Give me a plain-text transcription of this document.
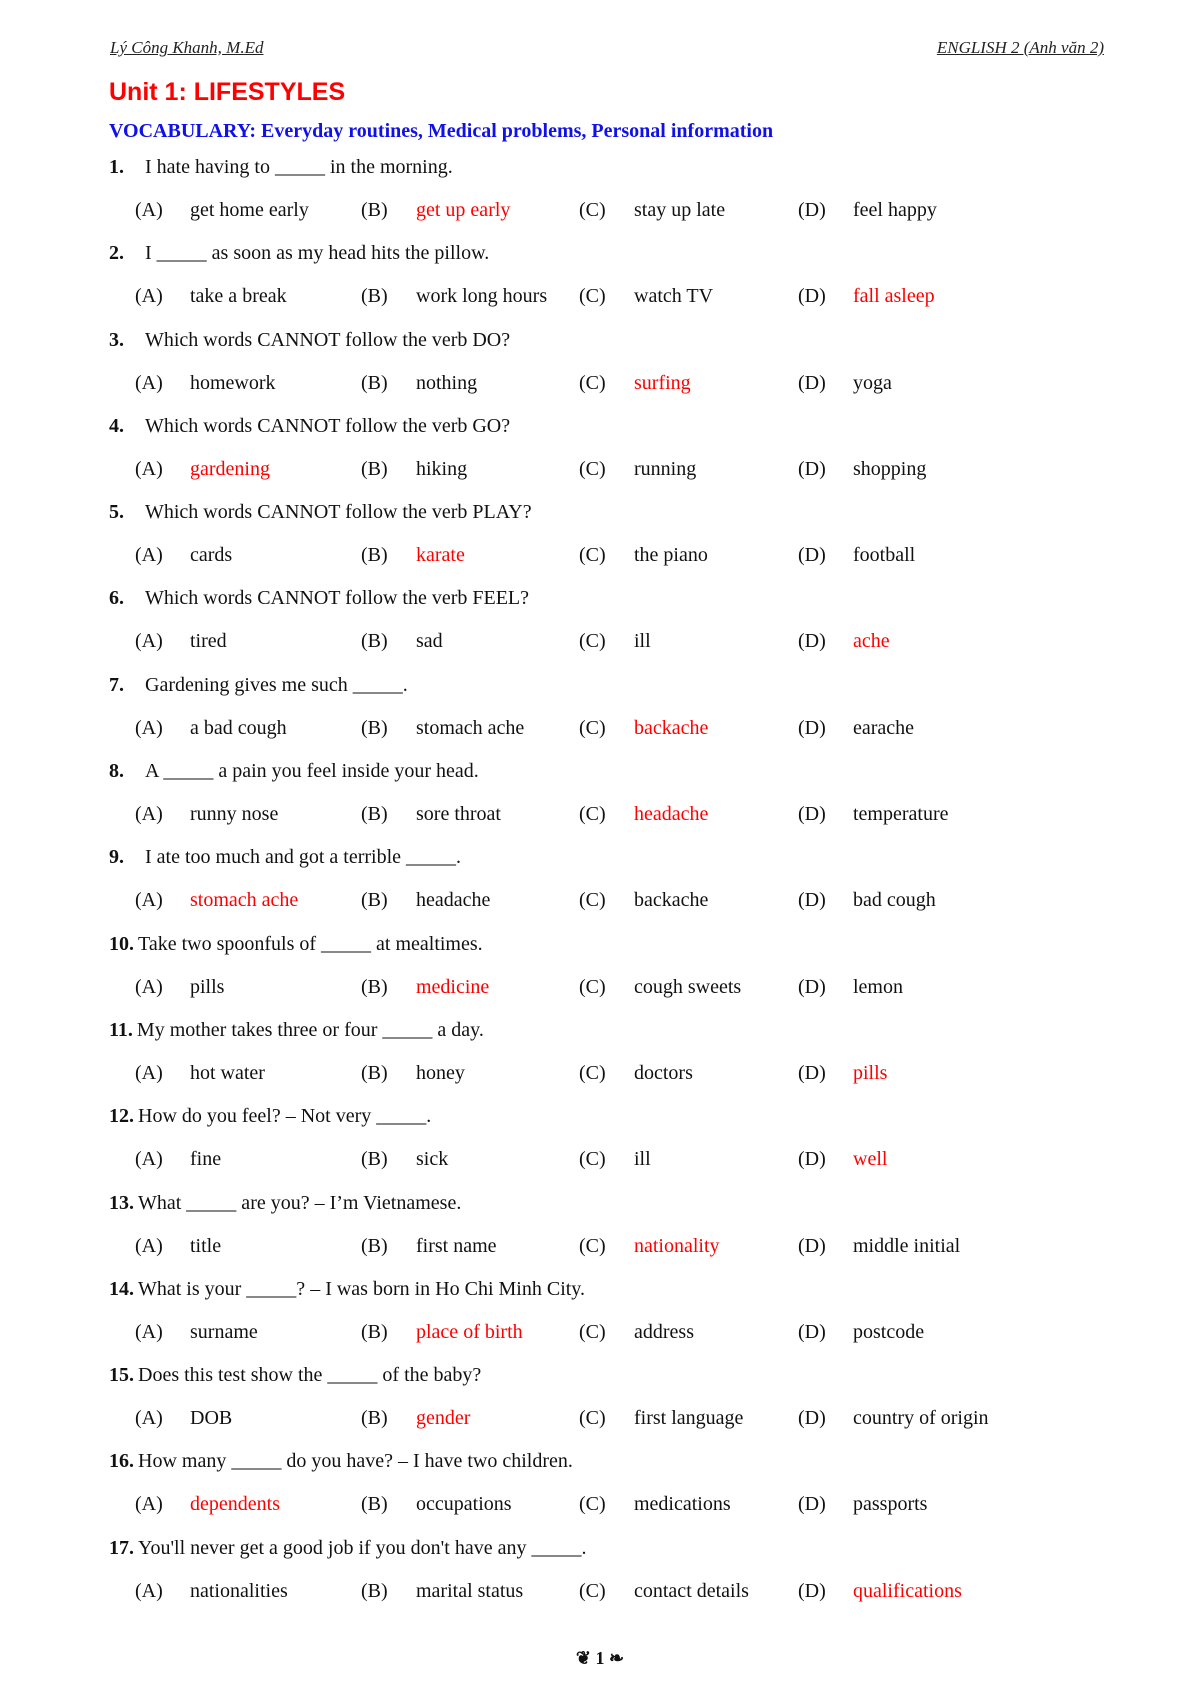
Lý Công Khanh, M.Ed	ENGLISH 2 (Anh văn 2)
Unit 1: LIFESTYLES
VOCABULARY: Everyday routines, Medical problems, Personal information
1. I hate having to _____ in the morning.
(A) get home early	(B) get up early	(C) stay up late	(D) feel happy
2. I _____ as soon as my head hits the pillow.
(A) take a break	(B) work long hours (C) watch TV	(D) fall asleep
3. Which words CANNOT follow the verb DO?
(A) homework	(B) nothing	(C) surfing	(D) yoga
4. Which words CANNOT follow the verb GO?
(A) gardening	(B) hiking	(C) running	(D) shopping
5. Which words CANNOT follow the verb PLAY?
(A) cards	(B) karate	(C) the piano	(D) football
6. Which words CANNOT follow the verb FEEL?
(A) tired	(B) sad	(C) ill	(D) ache
7. Gardening gives me such _____.
(A) a bad cough	(B) stomach ache	(C) backache	(D) earache
8. A _____ a pain you feel inside your head.
(A) runny nose	(B) sore throat	(C) headache	(D) temperature
9. I ate too much and got a terrible _____.
(A) stomach ache	(B) headache	(C) backache	(D) bad cough
10. Take two spoonfuls of _____ at mealtimes.
(A) pills	(B) medicine	(C) cough sweets	(D) lemon
11. My mother takes three or four _____ a day.
(A) hot water	(B) honey	(C) doctors	(D) pills
12. How do you feel? – Not very _____.
(A) fine	(B) sick	(C) ill	(D) well
13. What _____ are you? – I’m Vietnamese.
(A) title	(B) first name	(C) nationality	(D) middle initial
14. What is your _____? – I was born in Ho Chi Minh City.
(A) surname	(B) place of birth	(C) address	(D) postcode
15. Does this test show the _____ of the baby?
(A) DOB	(B) gender	(C) first language	(D) country of origin
16. How many _____ do you have? – I have two children.
(A) dependents	(B) occupations	(C) medications	(D) passports
17. You'll never get a good job if you don't have any _____.
(A) nationalities	(B) marital status	(C) contact details (D) qualifications
❦ 1 ❧
